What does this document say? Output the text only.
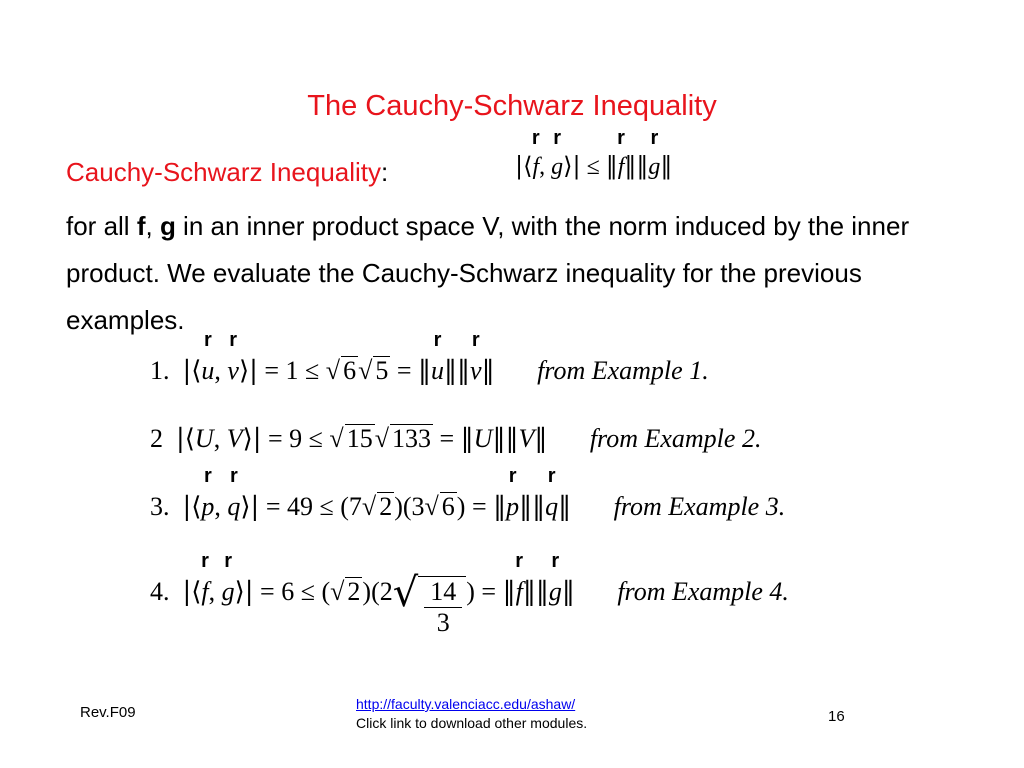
The Cauchy-Schwarz Inequality
Cauchy-Schwarz Inequality:	|⟨r f, r g⟩| ≤ ‖r f‖‖r g‖
for all f, g in an inner product space V, with the norm induced by the inner product. We evaluate the Cauchy-Schwarz inequality for the previous examples.
1. |⟨r u, r v⟩| = 1 ≤ √ 6√ 5 = ‖r u‖‖r v‖ from Example 1.
2 |⟨U, V⟩| = 9 ≤ √ 15√ 133 = ‖U‖‖V‖ from Example 2.
3. |⟨r p, r q⟩| = 49 ≤ (7√ 2)(3√ 6) = ‖r p‖‖r q‖ from Example 3.
4. |⟨r f, r g⟩| = 6 ≤ (√ $2)(2√ \frac{14}{3}$ ) = ‖r f‖‖r g‖ from Example 4.
Rev.F09	http://faculty.valenciacc.edu/ashaw/
Click link to download other modules.	16
